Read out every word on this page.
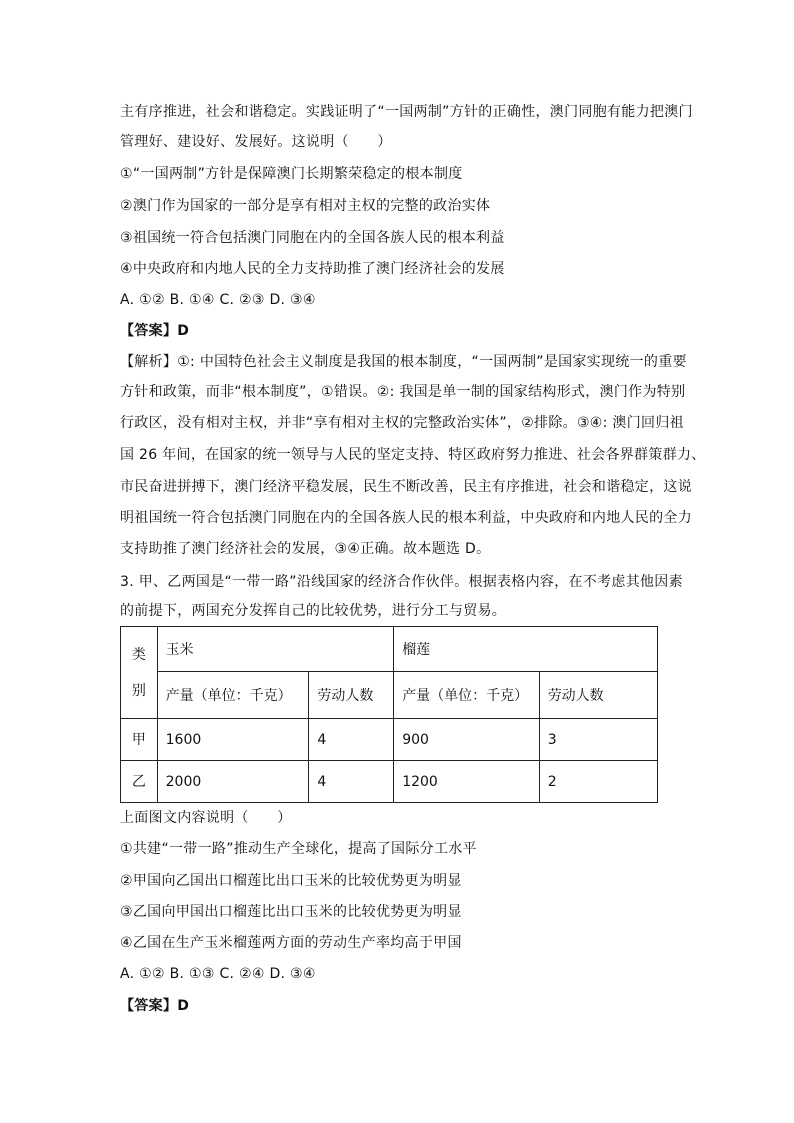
主有序推进，社会和谐稳定。实践证明了“一国两制”方针的正确性，澳门同胞有能力把澳门
管理好、建设好、发展好。这说明（　　）
①“一国两制”方针是保障澳门长期繁荣稳定的根本制度
②澳门作为国家的一部分是享有相对主权的完整的政治实体
③祖国统一符合包括澳门同胞在内的全国各族人民的根本利益
④中央政府和内地人民的全力支持助推了澳门经济社会的发展
A. ①② B. ①④ C. ②③ D. ③④
【答案】D
【解析】①: 中国特色社会主义制度是我国的根本制度，“一国两制”是国家实现统一的重要
方针和政策，而非“根本制度”，①错误。②: 我国是单一制的国家结构形式，澳门作为特别
行政区，没有相对主权，并非“享有相对主权的完整政治实体”，②排除。③④: 澳门回归祖
国 26 年间，在国家的统一领导与人民的坚定支持、特区政府努力推进、社会各界群策群力、
市民奋进拼搏下，澳门经济平稳发展，民生不断改善，民主有序推进，社会和谐稳定，这说
明祖国统一符合包括澳门同胞在内的全国各族人民的根本利益，中央政府和内地人民的全力
支持助推了澳门经济社会的发展，③④正确。故本题选 D。
3. 甲、乙两国是“一带一路”沿线国家的经济合作伙伴。根据表格内容，在不考虑其他因素
的前提下，两国充分发挥自己的比较优势，进行分工与贸易。
类
别	玉米		榴莲	
	产量（单位：千克）	劳动人数	产量（单位：千克）	劳动人数
甲	1600	4	900	3
乙	2000	4	1200	2
上面图文内容说明（　　）
①共建“一带一路”推动生产全球化，提高了国际分工水平
②甲国向乙国出口榴莲比出口玉米的比较优势更为明显
③乙国向甲国出口榴莲比出口玉米的比较优势更为明显
④乙国在生产玉米榴莲两方面的劳动生产率均高于甲国
A. ①② B. ①③ C. ②④ D. ③④
【答案】D
